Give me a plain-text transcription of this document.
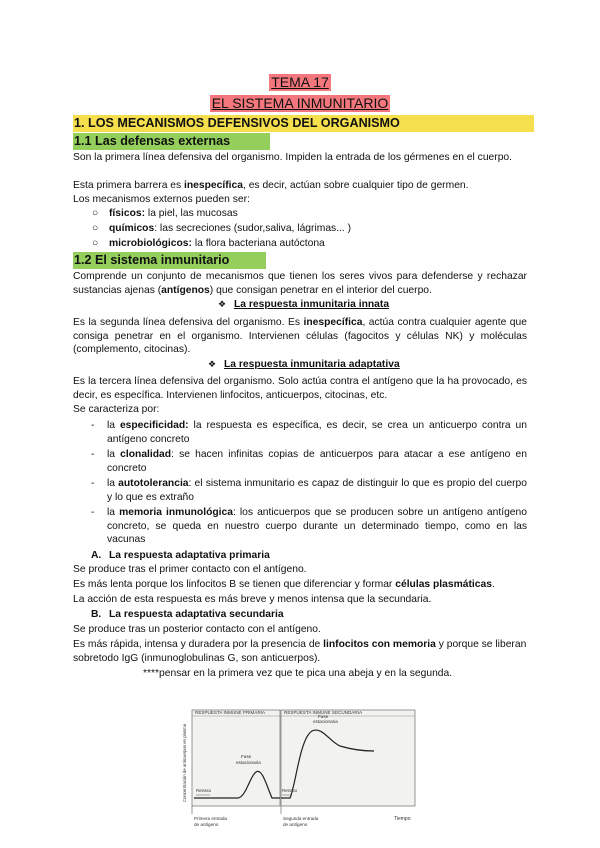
TEMA 17
EL SISTEMA INMUNITARIO
1. LOS MECANISMOS DEFENSIVOS DEL ORGANISMO
1.1 Las defensas externas
Son la primera línea defensiva del organismo. Impiden la entrada de los gérmenes en el cuerpo.
Esta primera barrera es inespecífica, es decir, actúan sobre cualquier tipo de germen.
Los mecanismos externos pueden ser:
○ físicos: la piel, las mucosas
○ químicos: las secreciones (sudor,saliva, lágrimas... )
○ microbiológicos: la flora bacteriana autóctona
1.2 El sistema inmunitario
Comprende un conjunto de mecanismos que tienen los seres vivos para defenderse y rechazar sustancias ajenas (antígenos) que consigan penetrar en el interior del cuerpo.
❖ La respuesta inmunitaria innata
Es la segunda línea defensiva del organismo. Es inespecífica, actúa contra cualquier agente que consiga penetrar en el organismo. Intervienen células (fagocitos y células NK) y moléculas (complemento, citocinas).
❖ La respuesta inmunitaria adaptativa
Es la tercera línea defensiva del organismo. Solo actúa contra el antígeno que la ha provocado, es decir, es específica. Intervienen linfocitos, anticuerpos, citocinas, etc.
Se caracteriza por:
- la especificidad: la respuesta es específica, es decir, se crea un anticuerpo contra un antígeno concreto
- la clonalidad: se hacen infinitas copias de anticuerpos para atacar a ese antígeno en concreto
- la autotolerancia: el sistema inmunitario es capaz de distinguir lo que es propio del cuerpo y lo que es extraño
- la memoria inmunológica: los anticuerpos que se producen sobre un antígeno antígeno concreto, se queda en nuestro cuerpo durante un determinado tiempo, como en las vacunas
A. La respuesta adaptativa primaria
Se produce tras el primer contacto con el antígeno.
Es más lenta porque los linfocitos B se tienen que diferenciar y formar células plasmáticas.
La acción de esta respuesta es más breve y menos intensa que la secundaria.
B. La respuesta adaptativa secundaria
Se produce tras un posterior contacto con el antígeno.
Es más rápida, intensa y duradera por la presencia de linfocitos con memoria y porque se liberan sobretodo IgG (inmunoglobulinas G, son anticuerpos).
****pensar en la primera vez que te pica una abeja y en la segunda.
RESPUESTA INMUNE PRIMARIA	RESPUESTA INMUNE SECUNDARIA
Concentración de anticuerpos en plasma	Fase
estacionaria
Fase
estacionaria
Retraso	Retraso
Primera entrada
de antígeno
Segunda entrada
de antígeno
Tiempo
